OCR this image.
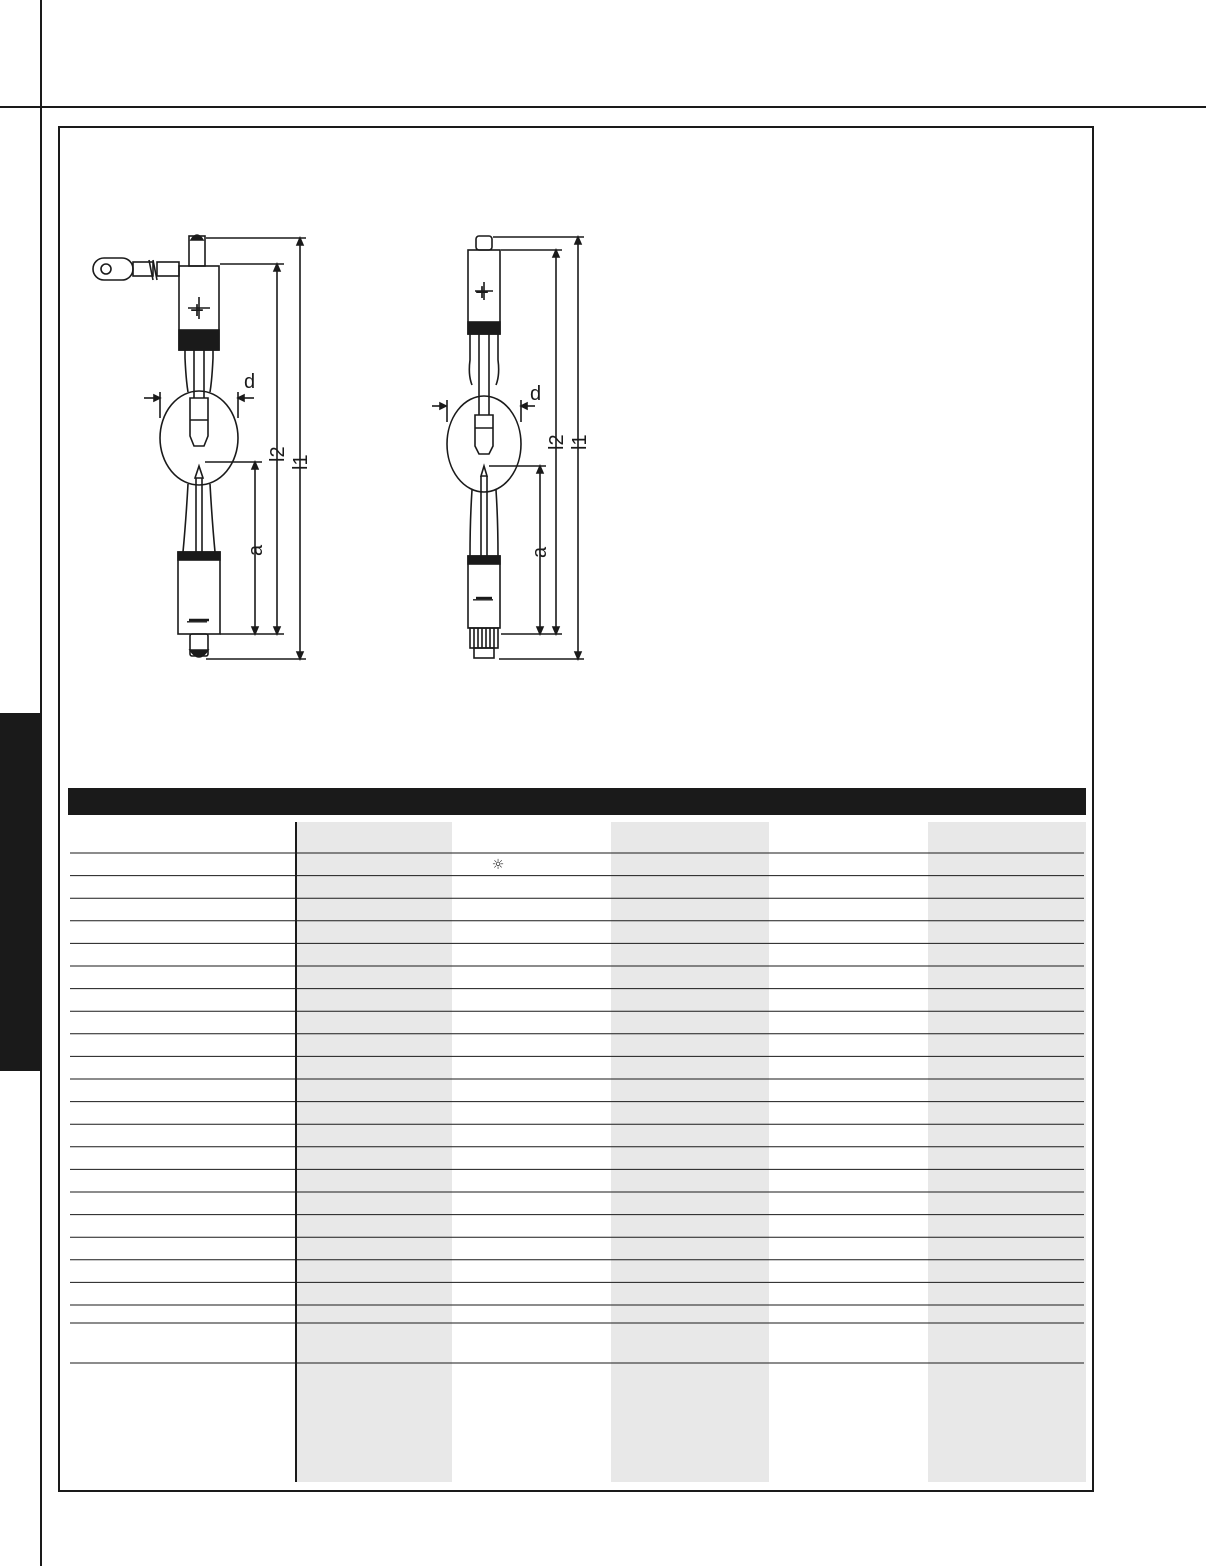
d
l2
l1
a
d
l2 l1
a
+
+
—
—
☼
